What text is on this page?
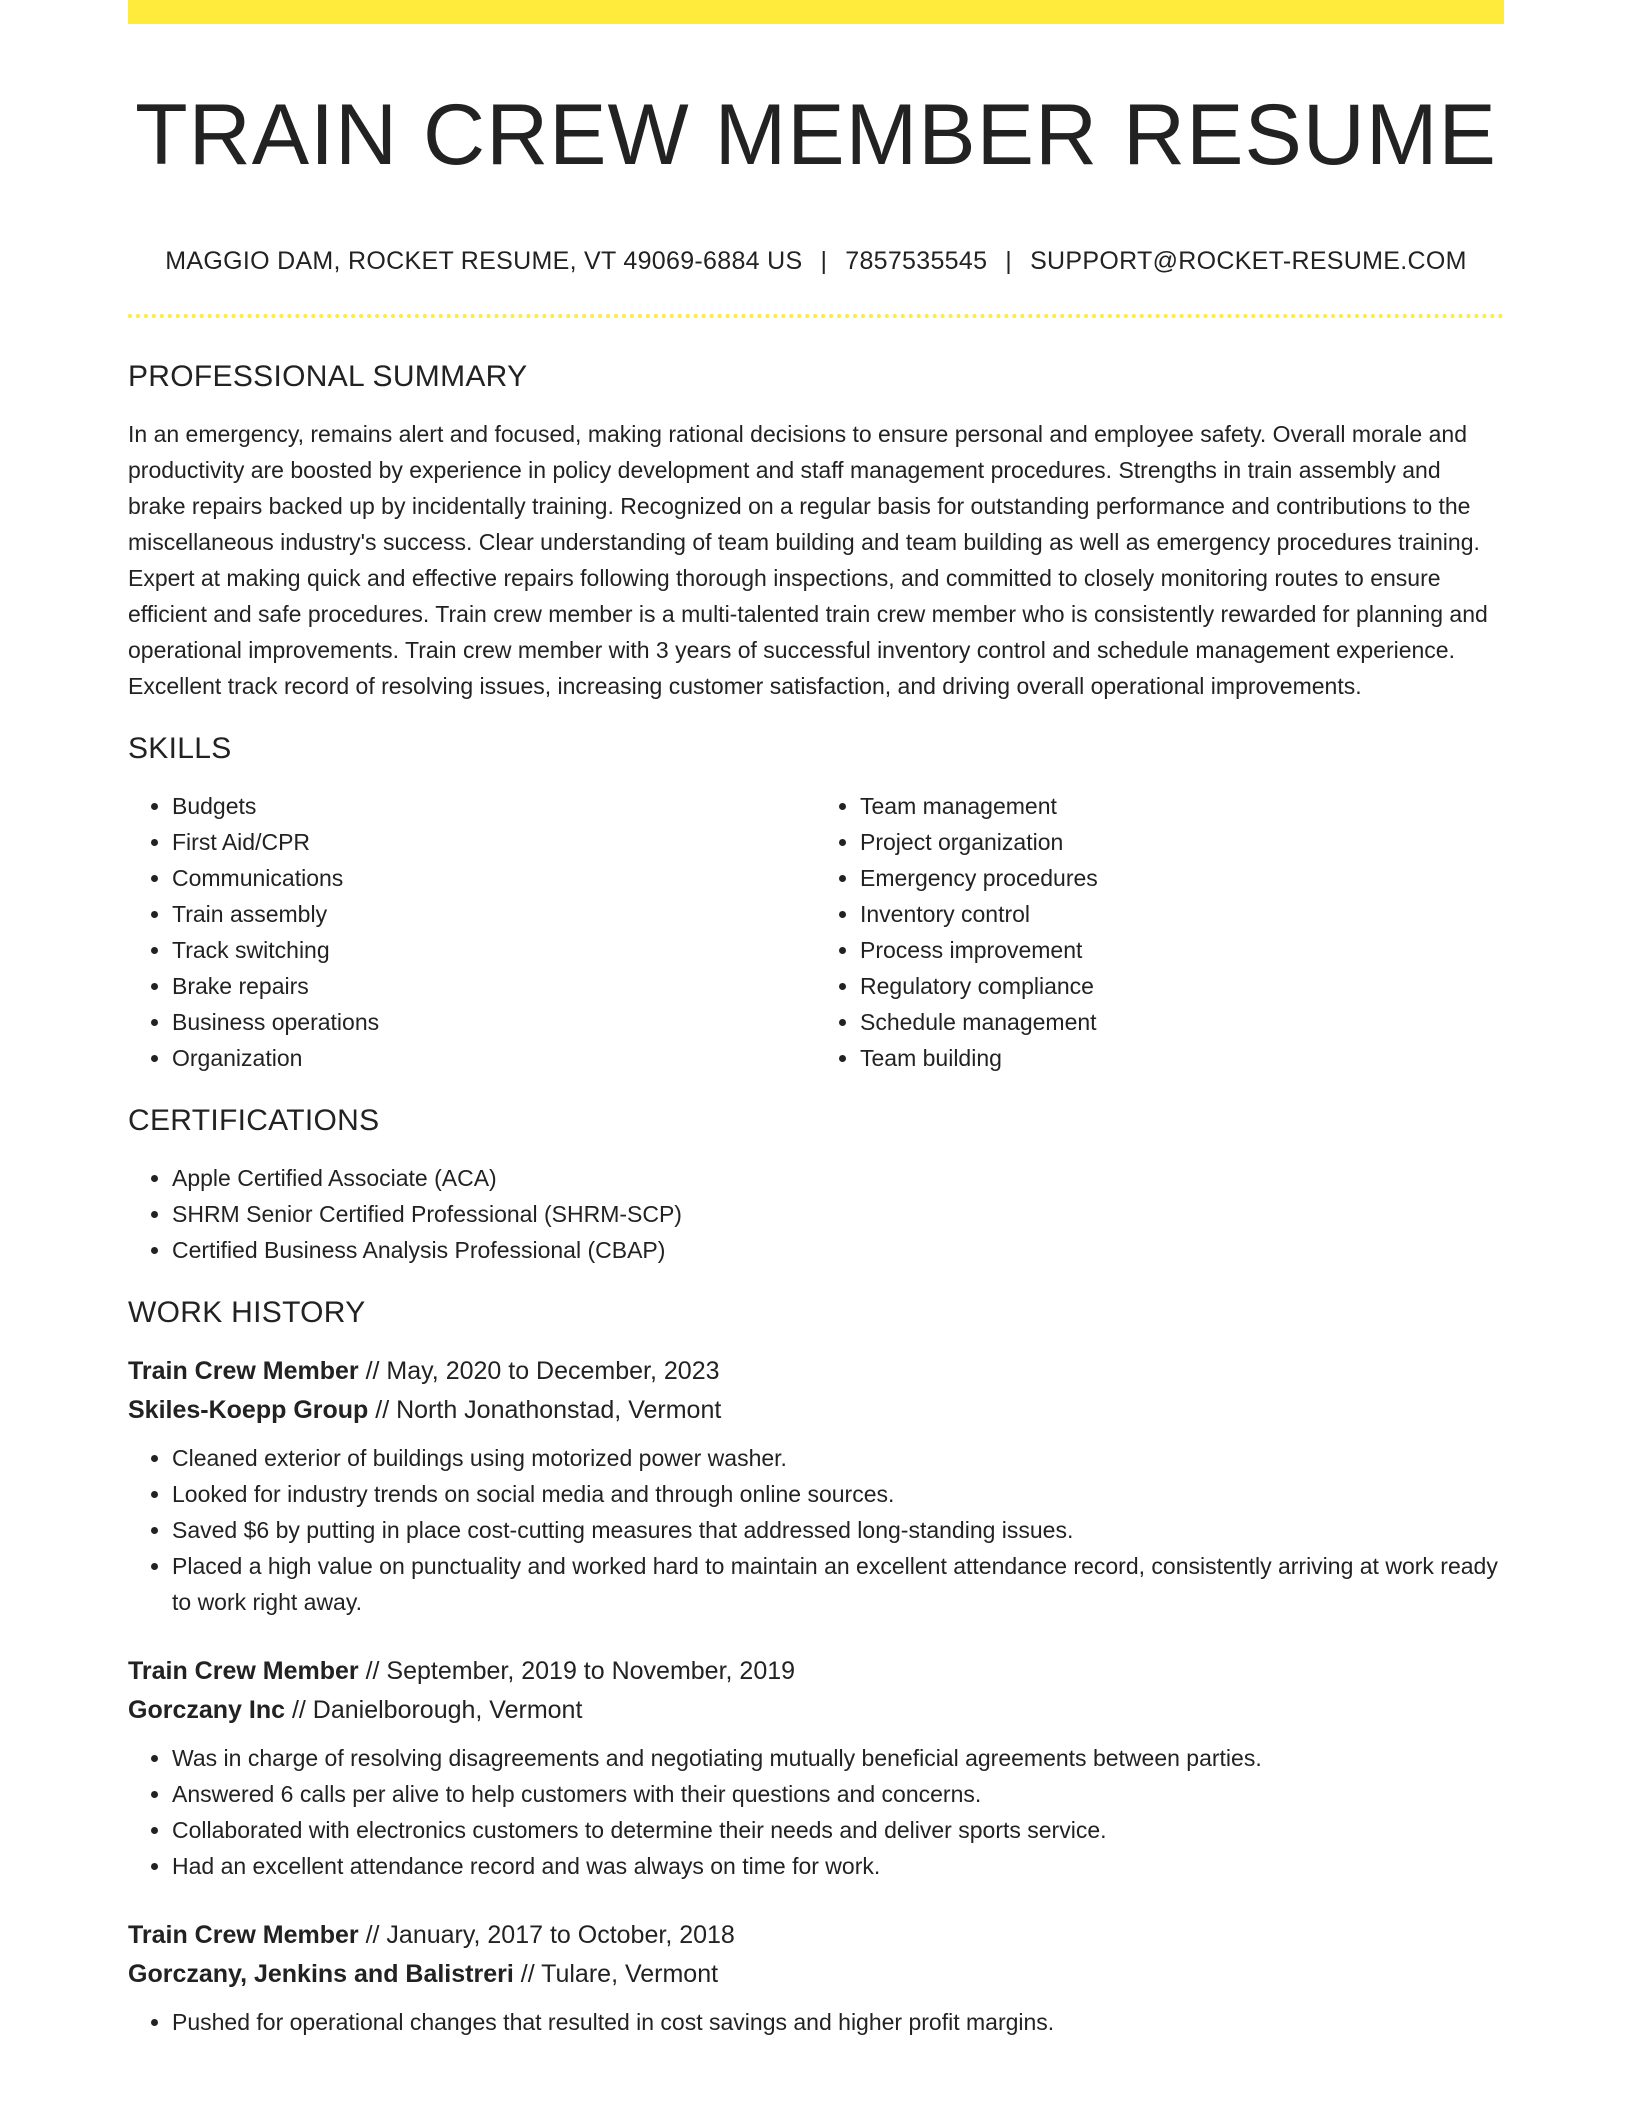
TRAIN CREW MEMBER RESUME
MAGGIO DAM, ROCKET RESUME, VT 49069-6884 US | 7857535545 | SUPPORT@ROCKET-RESUME.COM
PROFESSIONAL SUMMARY

In an emergency, remains alert and focused, making rational decisions to ensure personal and employee safety. Overall morale and productivity are boosted by experience in policy development and staff management procedures. Strengths in train assembly and brake repairs backed up by incidentally training. Recognized on a regular basis for outstanding performance and contributions to the miscellaneous industry's success. Clear understanding of team building and team building as well as emergency procedures training. Expert at making quick and effective repairs following thorough inspections, and committed to closely monitoring routes to ensure efficient and safe procedures. Train crew member is a multi-talented train crew member who is consistently rewarded for planning and operational improvements. Train crew member with 3 years of successful inventory control and schedule management experience. Excellent track record of resolving issues, increasing customer satisfaction, and driving overall operational improvements.

SKILLS
• Budgets
• First Aid/CPR
• Communications
• Train assembly
• Track switching
• Brake repairs
• Business operations
• Organization
• Team management
• Project organization
• Emergency procedures
• Inventory control
• Process improvement
• Regulatory compliance
• Schedule management
• Team building
CERTIFICATIONS
• Apple Certified Associate (ACA)
• SHRM Senior Certified Professional (SHRM-SCP)
• Certified Business Analysis Professional (CBAP)
WORK HISTORY
Train Crew Member // May, 2020 to December, 2023
Skiles-Koepp Group // North Jonathonstad, Vermont
• Cleaned exterior of buildings using motorized power washer.
• Looked for industry trends on social media and through online sources.
• Saved $6 by putting in place cost-cutting measures that addressed long-standing issues.
• Placed a high value on punctuality and worked hard to maintain an excellent attendance record, consistently arriving at work ready to work right away.
Train Crew Member // September, 2019 to November, 2019
Gorczany Inc // Danielborough, Vermont
• Was in charge of resolving disagreements and negotiating mutually beneficial agreements between parties.
• Answered 6 calls per alive to help customers with their questions and concerns.
• Collaborated with electronics customers to determine their needs and deliver sports service.
• Had an excellent attendance record and was always on time for work.
Train Crew Member // January, 2017 to October, 2018
Gorczany, Jenkins and Balistreri // Tulare, Vermont
• Pushed for operational changes that resulted in cost savings and higher profit margins.
